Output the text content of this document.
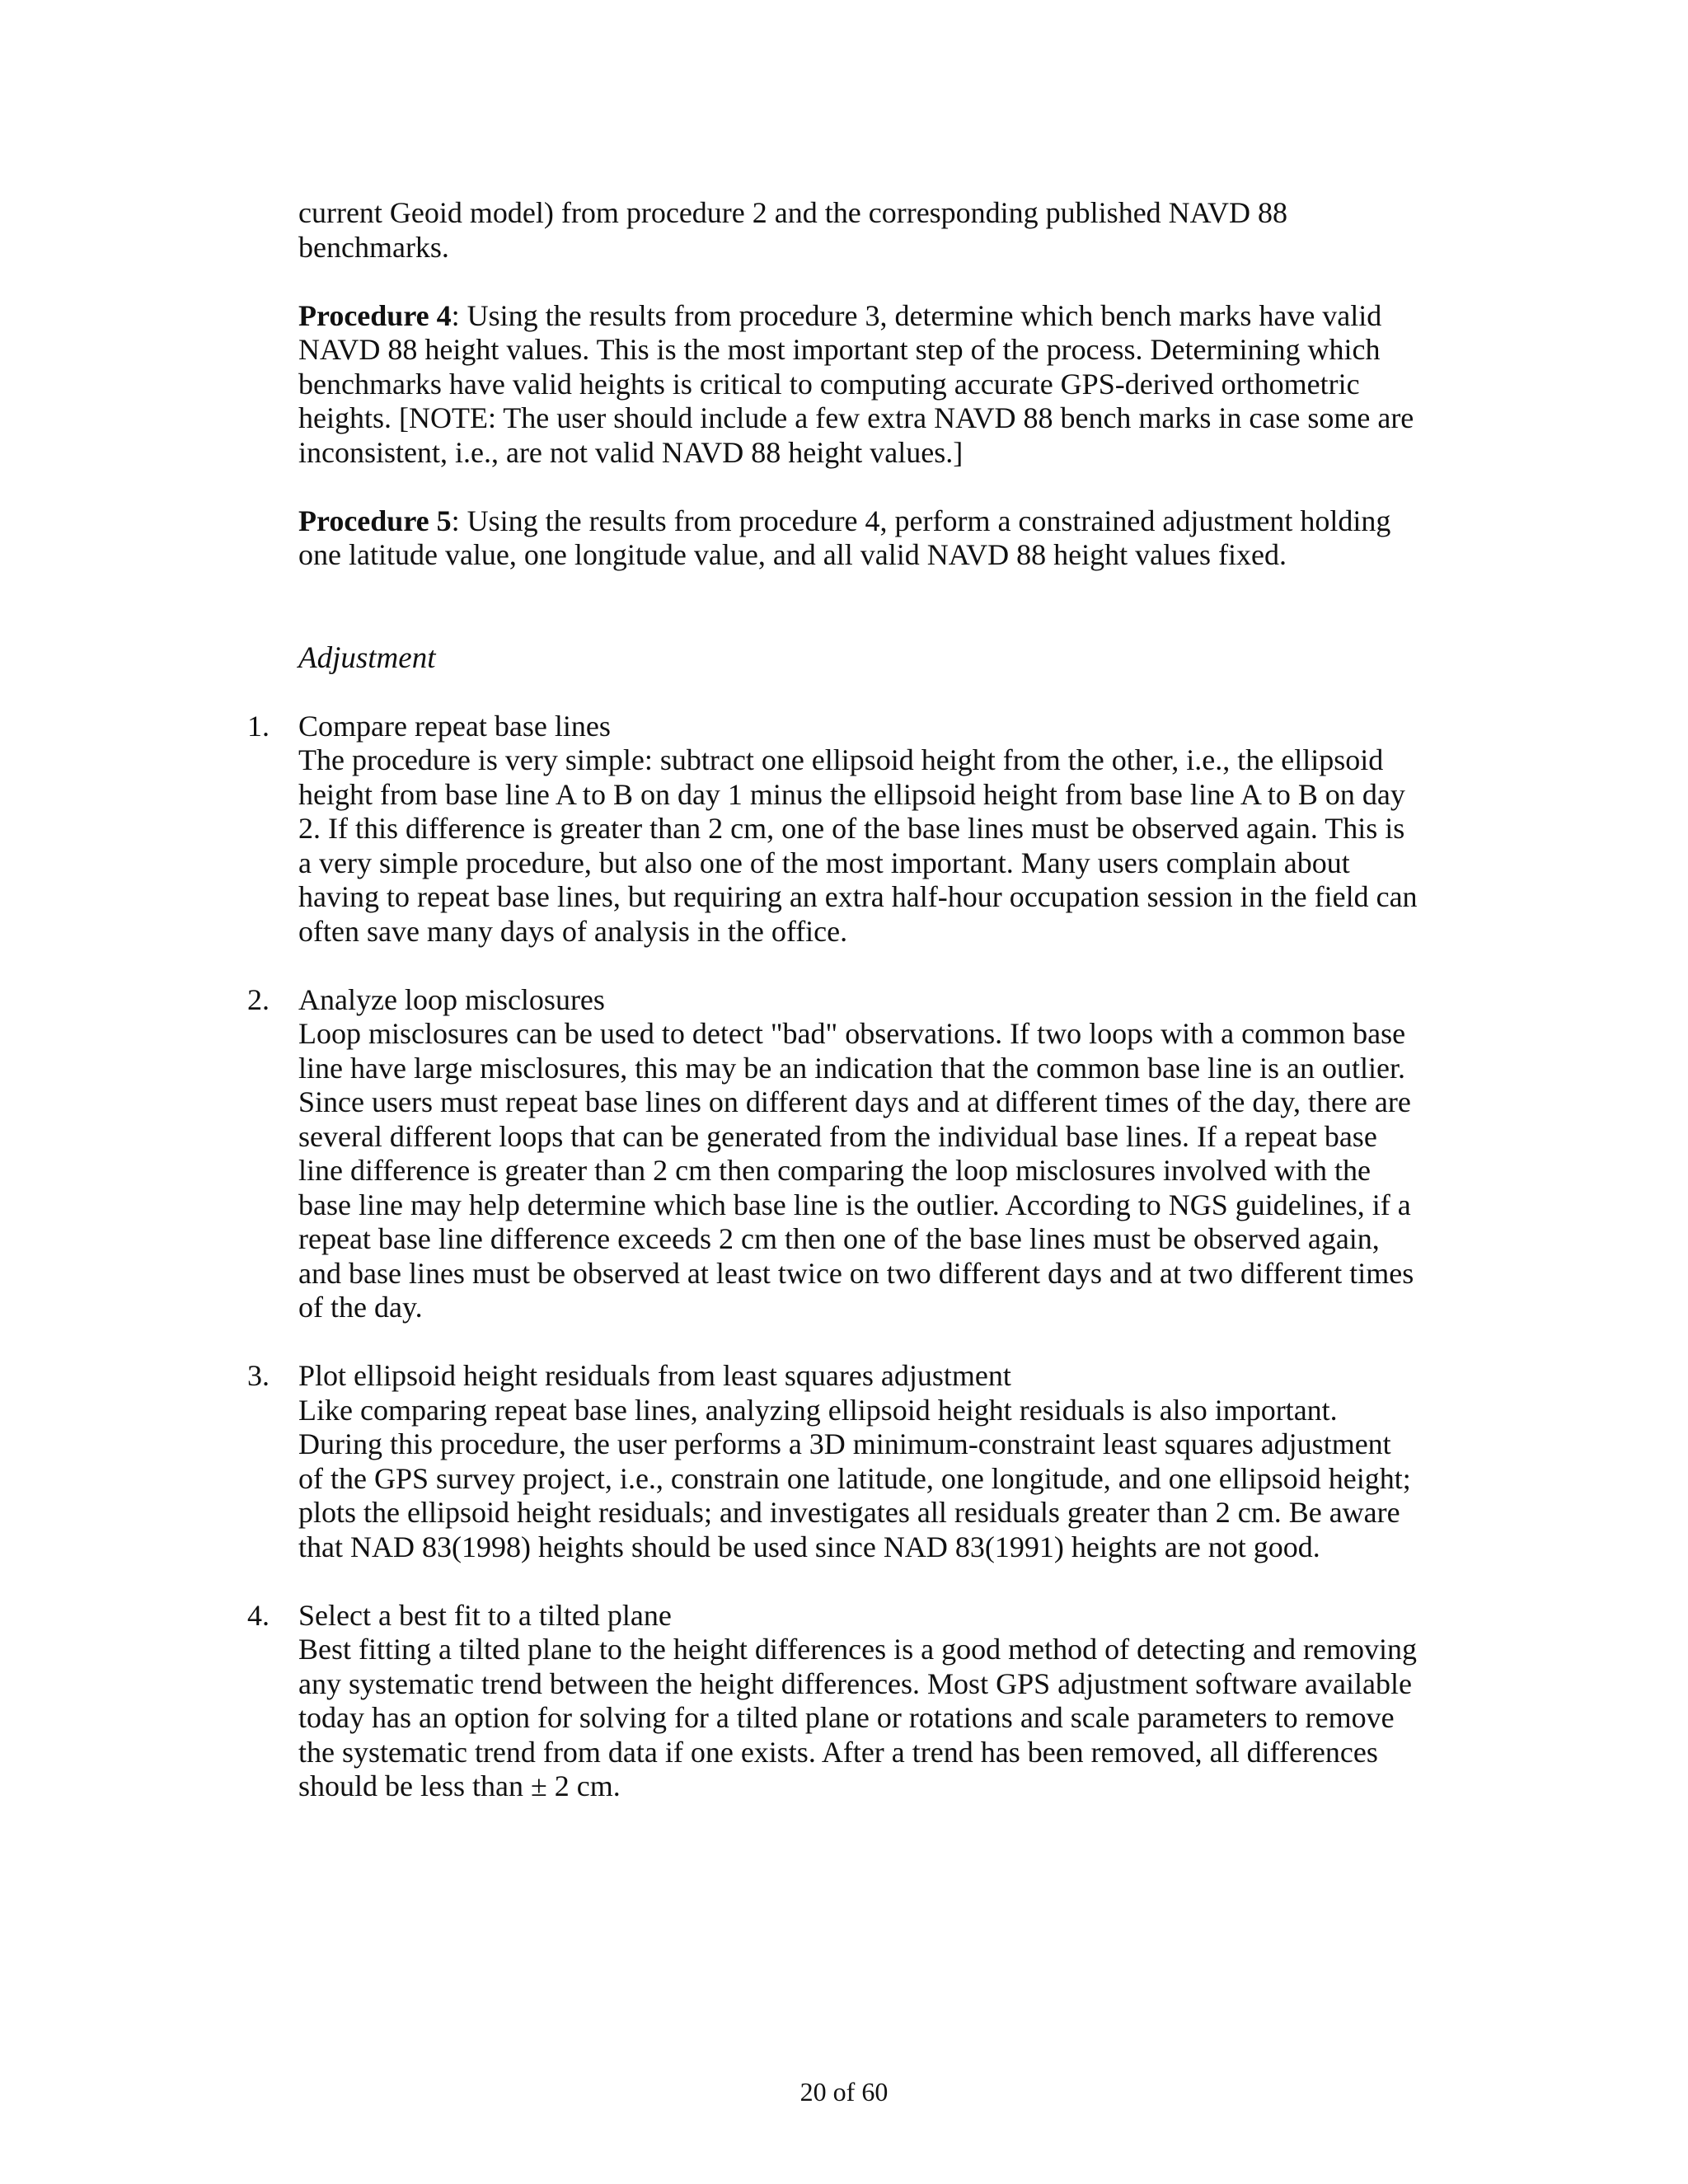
current Geoid model) from procedure 2 and the corresponding published NAVD 88 benchmarks.

Procedure 4: Using the results from procedure 3, determine which bench marks have valid NAVD 88 height values. This is the most important step of the process. Determining which benchmarks have valid heights is critical to computing accurate GPS-derived orthometric heights. [NOTE: The user should include a few extra NAVD 88 bench marks in case some are inconsistent, i.e., are not valid NAVD 88 height values.]

Procedure 5: Using the results from procedure 4, perform a constrained adjustment holding one latitude value, one longitude value, and all valid NAVD 88 height values fixed.

Adjustment
1. Compare repeat base lines
The procedure is very simple: subtract one ellipsoid height from the other, i.e., the ellipsoid height from base line A to B on day 1 minus the ellipsoid height from base line A to B on day 2. If this difference is greater than 2 cm, one of the base lines must be observed again. This is a very simple procedure, but also one of the most important. Many users complain about having to repeat base lines, but requiring an extra half-hour occupation session in the field can often save many days of analysis in the office.
2. Analyze loop misclosures
Loop misclosures can be used to detect "bad" observations. If two loops with a common base line have large misclosures, this may be an indication that the common base line is an outlier. Since users must repeat base lines on different days and at different times of the day, there are several different loops that can be generated from the individual base lines. If a repeat base line difference is greater than 2 cm then comparing the loop misclosures involved with the base line may help determine which base line is the outlier. According to NGS guidelines, if a repeat base line difference exceeds 2 cm then one of the base lines must be observed again, and base lines must be observed at least twice on two different days and at two different times of the day.
3. Plot ellipsoid height residuals from least squares adjustment
Like comparing repeat base lines, analyzing ellipsoid height residuals is also important. During this procedure, the user performs a 3D minimum-constraint least squares adjustment of the GPS survey project, i.e., constrain one latitude, one longitude, and one ellipsoid height; plots the ellipsoid height residuals; and investigates all residuals greater than 2 cm. Be aware that NAD 83(1998) heights should be used since NAD 83(1991) heights are not good.
4. Select a best fit to a tilted plane
Best fitting a tilted plane to the height differences is a good method of detecting and removing any systematic trend between the height differences. Most GPS adjustment software available today has an option for solving for a tilted plane or rotations and scale parameters to remove the systematic trend from data if one exists. After a trend has been removed, all differences should be less than ± 2 cm.
20 of 60
